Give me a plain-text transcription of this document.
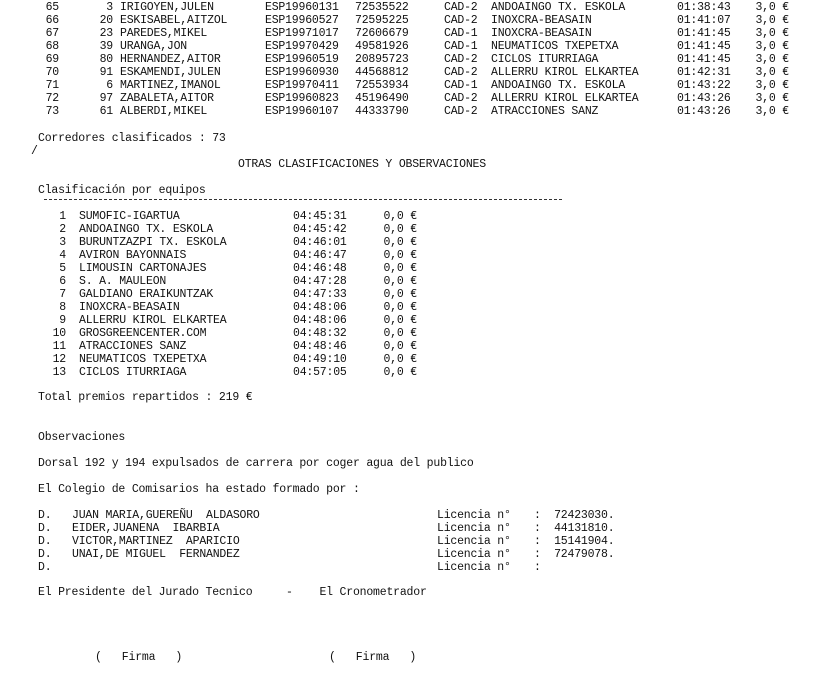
65	3 IRIGOYEN,JULEN	ESP19960131 72535522	CAD-2 ANDOAINGO TX. ESKOLA	01:38:43	3,0 €
66	20 ESKISABEL,AITZOL	ESP19960527 72595225	CAD-2 INOXCRA-BEASAIN	01:41:07	3,0 €
67	23 PAREDES,MIKEL	ESP19971017 72606679	CAD-1 INOXCRA-BEASAIN	01:41:45	3,0 €
68	39 URANGA,JON	ESP19970429 49581926	CAD-1 NEUMATICOS TXEPETXA	01:41:45	3,0 €
69	80 HERNANDEZ,AITOR	ESP19960519 20895723	CAD-2 CICLOS ITURRIAGA	01:41:45	3,0 €
70	91 ESKAMENDI,JULEN	ESP19960930 44568812	CAD-2 ALLERRU KIROL ELKARTEA	01:42:31	3,0 €
71	6 MARTINEZ,IMANOL	ESP19970411 72553934	CAD-1 ANDOAINGO TX. ESKOLA	01:43:22	3,0 €
72	97 ZABALETA,AITOR	ESP19960823 45196490	CAD-2 ALLERRU KIROL ELKARTEA	01:43:26	3,0 €
73	61 ALBERDI,MIKEL	ESP19960107 44333790	CAD-2 ATRACCIONES SANZ	01:43:26	3,0 €
Corredores clasificados : 73
/
OTRAS CLASIFICACIONES Y OBSERVACIONES
Clasificación por equipos
1 SUMOFIC-IGARTUA	04:45:31	0,0 €
2 ANDOAINGO TX. ESKOLA	04:45:42	0,0 €
3 BURUNTZAZPI TX. ESKOLA	04:46:01	0,0 €
4 AVIRON BAYONNAIS	04:46:47	0,0 €
5 LIMOUSIN CARTONAJES	04:46:48	0,0 €
6 S. A. MAULEON	04:47:28	0,0 €
7 GALDIANO ERAIKUNTZAK	04:47:33	0,0 €
8 INOXCRA-BEASAIN	04:48:06	0,0 €
9 ALLERRU KIROL ELKARTEA	04:48:06	0,0 €
10 GROSGREENCENTER.COM	04:48:32	0,0 €
11 ATRACCIONES SANZ	04:48:46	0,0 €
12 NEUMATICOS TXEPETXA	04:49:10	0,0 €
13 CICLOS ITURRIAGA	04:57:05	0,0 €
Total premios repartidos : 219 €
Observaciones
Dorsal 192 y 194 expulsados de carrera por coger agua del publico
El Colegio de Comisarios ha estado formado por :
D. JUAN MARIA,GUEREÑU  ALDASORO	Licencia n° :  72423030.
D. EIDER,JUANENA  IBARBIA	Licencia n° :  44131810.
D. VICTOR,MARTINEZ  APARICIO	Licencia n° :  15141904.
D. UNAI,DE MIGUEL  FERNANDEZ	Licencia n° :  72479078.
D.	Licencia n° :
El Presidente del Jurado Tecnico     -    El Cronometrador
(   Firma   )	(   Firma   )
